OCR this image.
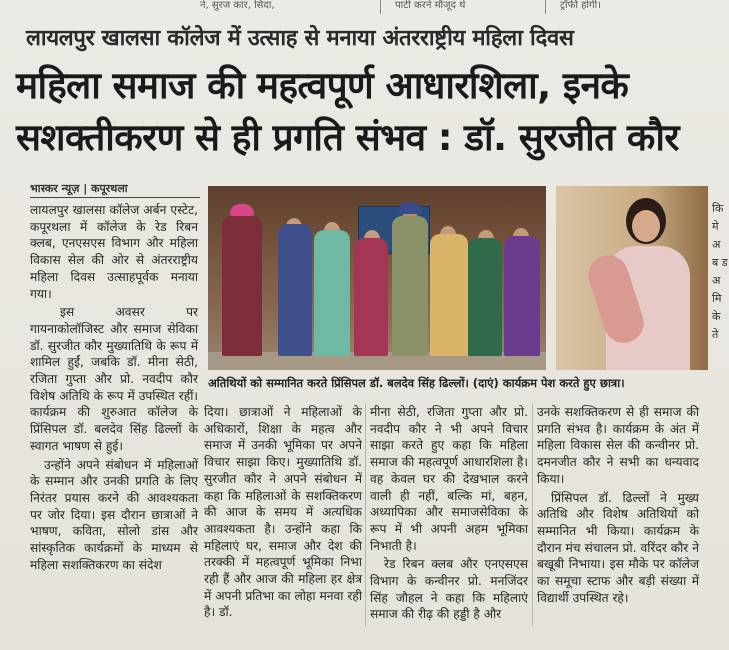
ने, सुरज कार, सिदा,	पाटी करने मौजूद थे	ट्रॉफी होगी।
लायलपुर खालसा कॉलेज में उत्साह से मनाया अंतरराष्ट्रीय महिला दिवस
महिला समाज की महत्वपूर्ण आधारशिला, इनके सशक्तीकरण से ही प्रगति संभव : डॉ. सुरजीत कौर
भास्कर न्यूज़ | कपूरथला

लायलपुर खालसा कॉलेज अर्बन एस्टेट, कपूरथला में कॉलेज के रेड रिबन क्लब, एनएसएस विभाग और महिला विकास सेल की ओर से अंतरराष्ट्रीय महिला दिवस उत्साहपूर्वक मनाया गया।

इस अवसर पर गायनाकोलॉजिस्ट और समाज सेविका डॉ. सुरजीत कौर मुख्यातिथि के रूप में शामिल हुईं, जबकि डॉ. मीना सेठी, रजिता गुप्ता और प्रो. नवदीप कौर विशेष अतिथि के रूप में उपस्थित रहीं। कार्यक्रम की शुरुआत कॉलेज के प्रिंसिपल डॉ. बलदेव सिंह ढिल्लों के स्वागत भाषण से हुई।

उन्होंने अपने संबोधन में महिलाओं के सम्मान और उनकी प्रगति के लिए निरंतर प्रयास करने की आवश्यकता पर जोर दिया। इस दौरान छात्राओं ने भाषण, कविता, सोलो डांस और सांस्कृतिक कार्यक्रमों के माध्यम से महिला सशक्तिकरण का संदेश

अतिथियों को सम्मानित करते प्रिंसिपल डॉ. बलदेव सिंह ढिल्लों। (दाएं) कार्यक्रम पेश करते हुए छात्रा।

दिया। छात्राओं ने महिलाओं के अधिकारों, शिक्षा के महत्व और समाज में उनकी भूमिका पर अपने विचार साझा किए। मुख्यातिथि डॉ. सुरजीत कौर ने अपने संबोधन में कहा कि महिलाओं के सशक्तिकरण की आज के समय में अत्यधिक आवश्यकता है। उन्होंने कहा कि महिलाएं घर, समाज और देश की तरक्की में महत्वपूर्ण भूमिका निभा रही हैं और आज की महिला हर क्षेत्र में अपनी प्रतिभा का लोहा मनवा रही है। डॉ.

मीना सेठी, रजिता गुप्ता और प्रो. नवदीप कौर ने भी अपने विचार साझा करते हुए कहा कि महिला समाज की महत्वपूर्ण आधारशिला है। वह केवल घर की देखभाल करने वाली ही नहीं, बल्कि मां, बहन, अध्यापिका और समाजसेविका के रूप में भी अपनी अहम भूमिका निभाती है।

रेड रिबन क्लब और एनएसएस विभाग के कन्वीनर प्रो. मनजिंदर सिंह जौहल ने कहा कि महिलाएं समाज की रीढ़ की हड्डी है और

उनके सशक्तिकरण से ही समाज की प्रगति संभव है। कार्यक्रम के अंत में महिला विकास सेल की कन्वीनर प्रो. दमनजीत कौर ने सभी का धन्यवाद किया।

प्रिंसिपल डॉ. ढिल्लों ने मुख्य अतिथि और विशेष अतिथियों को सम्मानित भी किया। कार्यक्रम के दौरान मंच संचालन प्रो. वरिंदर कौर ने बखूबी निभाया। इस मौके पर कॉलेज का समूचा स्टाफ और बड़ी संख्या में विद्यार्थी उपस्थित रहे।

कि मे अ ब ड अ मि के ते
